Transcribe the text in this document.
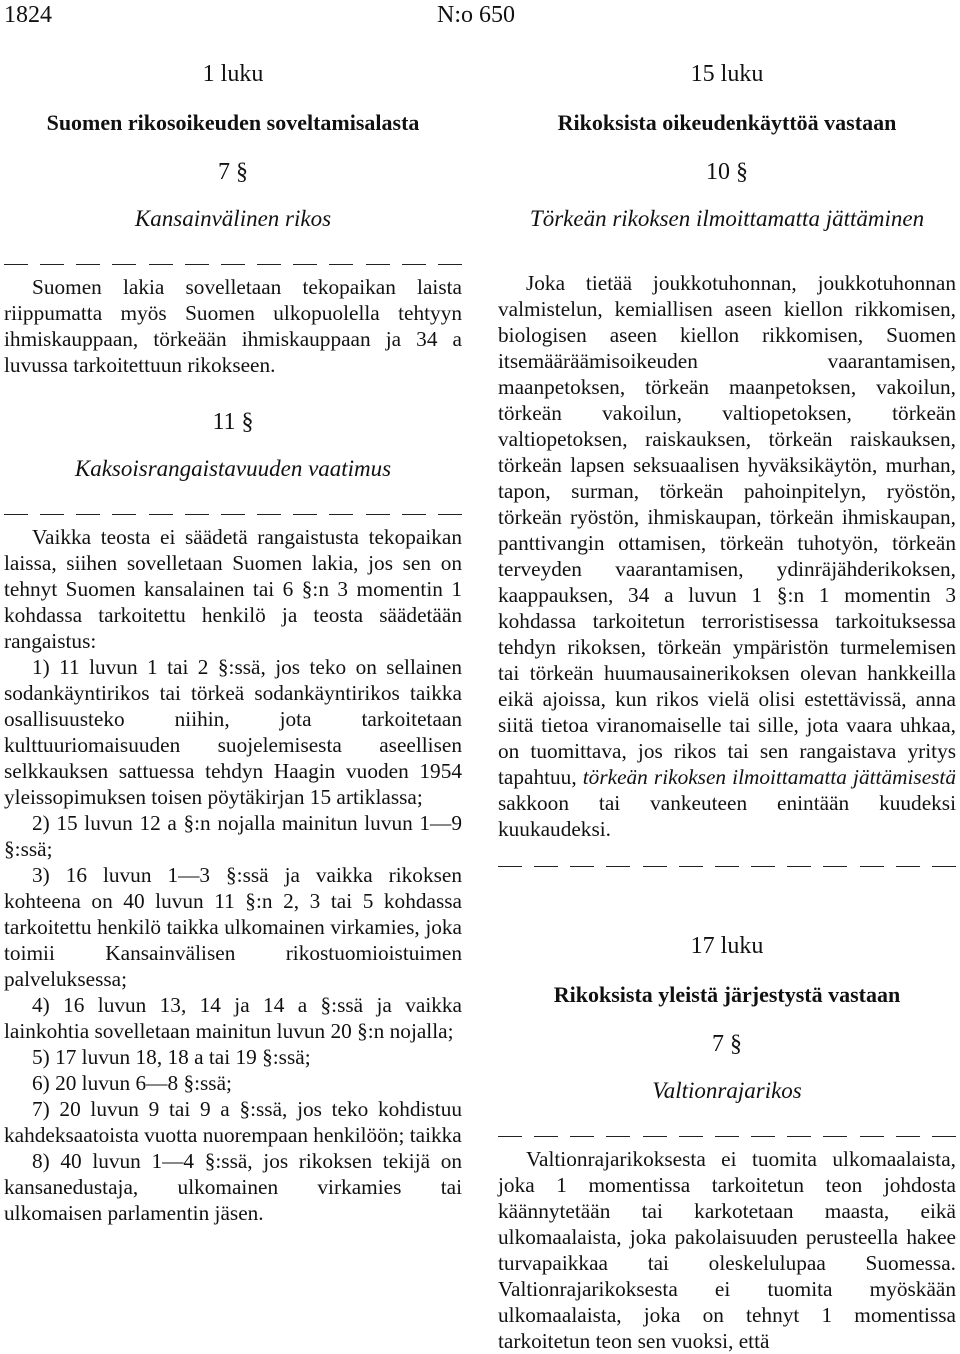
1824	N:o 650
1 luku
Suomen rikosoikeuden soveltamisalasta
7 §
Kansainvälinen rikos

Suomen lakia sovelletaan tekopaikan laista riippumatta myös Suomen ulkopuolella tehtyyn ihmiskauppaan, törkeään ihmiskauppaan ja 34 a luvussa tarkoitettuun rikokseen.

11 §
Kaksoisrangaistavuuden vaatimus

Vaikka teosta ei säädetä rangaistusta tekopaikan laissa, siihen sovelletaan Suomen lakia, jos sen on tehnyt Suomen kansalainen tai 6 §:n 3 momentin 1 kohdassa tarkoitettu henkilö ja teosta säädetään rangaistus:

1) 11 luvun 1 tai 2 §:ssä, jos teko on sellainen sodankäyntirikos tai törkeä sodankäyntirikos taikka osallisuusteko niihin, jota tarkoitetaan kulttuuriomaisuuden suojelemisesta aseellisen selkkauksen sattuessa tehdyn Haagin vuoden 1954 yleissopimuksen toisen pöytäkirjan 15 artiklassa;

2) 15 luvun 12 a §:n nojalla mainitun luvun 1—9 §:ssä;

3) 16 luvun 1—3 §:ssä ja vaikka rikoksen kohteena on 40 luvun 11 §:n 2, 3 tai 5 kohdassa tarkoitettu henkilö taikka ulkomainen virkamies, joka toimii Kansainvälisen rikostuomioistuimen palveluksessa;

4) 16 luvun 13, 14 ja 14 a §:ssä ja vaikka lainkohtia sovelletaan mainitun luvun 20 §:n nojalla;

5) 17 luvun 18, 18 a tai 19 §:ssä;

6) 20 luvun 6—8 §:ssä;

7) 20 luvun 9 tai 9 a §:ssä, jos teko kohdistuu kahdeksaatoista vuotta nuorempaan henkilöön; taikka

8) 40 luvun 1—4 §:ssä, jos rikoksen tekijä on kansanedustaja, ulkomainen virkamies tai ulkomaisen parlamentin jäsen.

15 luku
Rikoksista oikeudenkäyttöä vastaan
10 §
Törkeän rikoksen ilmoittamatta jättäminen

Joka tietää joukkotuhonnan, joukkotuhonnan valmistelun, kemiallisen aseen kiellon rikkomisen, biologisen aseen kiellon rikkomisen, Suomen itsemääräämisoikeuden vaarantamisen, maanpetoksen, törkeän maanpetoksen, vakoilun, törkeän vakoilun, valtiopetoksen, törkeän valtiopetoksen, raiskauksen, törkeän raiskauksen, törkeän lapsen seksuaalisen hyväksikäytön, murhan, tapon, surman, törkeän pahoinpitelyn, ryöstön, törkeän ryöstön, ihmiskaupan, törkeän ihmiskaupan, panttivangin ottamisen, törkeän tuhotyön, törkeän terveyden vaarantamisen, ydinräjähderikoksen, kaappauksen, 34 a luvun 1 §:n 1 momentin 3 kohdassa tarkoitetun terroristisessa tarkoituksessa tehdyn rikoksen, törkeän ympäristön turmelemisen tai törkeän huumausainerikoksen olevan hankkeilla eikä ajoissa, kun rikos vielä olisi estettävissä, anna siitä tietoa viranomaiselle tai sille, jota vaara uhkaa, on tuomittava, jos rikos tai sen rangaistava yritys tapahtuu, törkeän rikoksen ilmoittamatta jättämisestä sakkoon tai vankeuteen enintään kuudeksi kuukaudeksi.

17 luku
Rikoksista yleistä järjestystä vastaan
7 §
Valtionrajarikos

Valtionrajarikoksesta ei tuomita ulkomaalaista, joka 1 momentissa tarkoitetun teon johdosta käännytetään tai karkotetaan maasta, eikä ulkomaalaista, joka pakolaisuuden perusteella hakee turvapaikkaa tai oleskelulupaa Suomessa. Valtionrajarikoksesta ei tuomita myöskään ulkomaalaista, joka on tehnyt 1 momentissa tarkoitetun teon sen vuoksi, että
